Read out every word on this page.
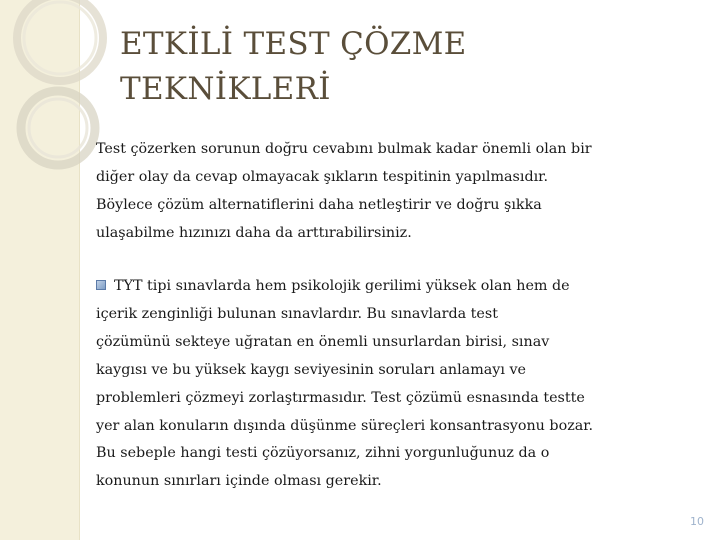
ETKİLİ TEST ÇÖZME
TEKNİKLERİ
Test çözerken sorunun doğru cevabını bulmak kadar önemli olan bir
diğer olay da cevap olmayacak şıkların tespitinin yapılmasıdır.
Böylece çözüm alternatiflerini daha netleştirir ve doğru şıkka
ulaşabilme hızınızı daha da arttırabilirsiniz.
TYT tipi sınavlarda hem psikolojik gerilimi yüksek olan hem de
içerik zenginliği bulunan sınavlardır. Bu sınavlarda test
çözümünü sekteye uğratan en önemli unsurlardan birisi, sınav
kaygısı ve bu yüksek kaygı seviyesinin soruları anlamayı ve
problemleri çözmeyi zorlaştırmasıdır. Test çözümü esnasında testte
yer alan konuların dışında düşünme süreçleri konsantrasyonu bozar.
Bu sebeple hangi testi çözüyorsanız, zihni yorgunluğunuz da o
konunun sınırları içinde olması gerekir.
10
